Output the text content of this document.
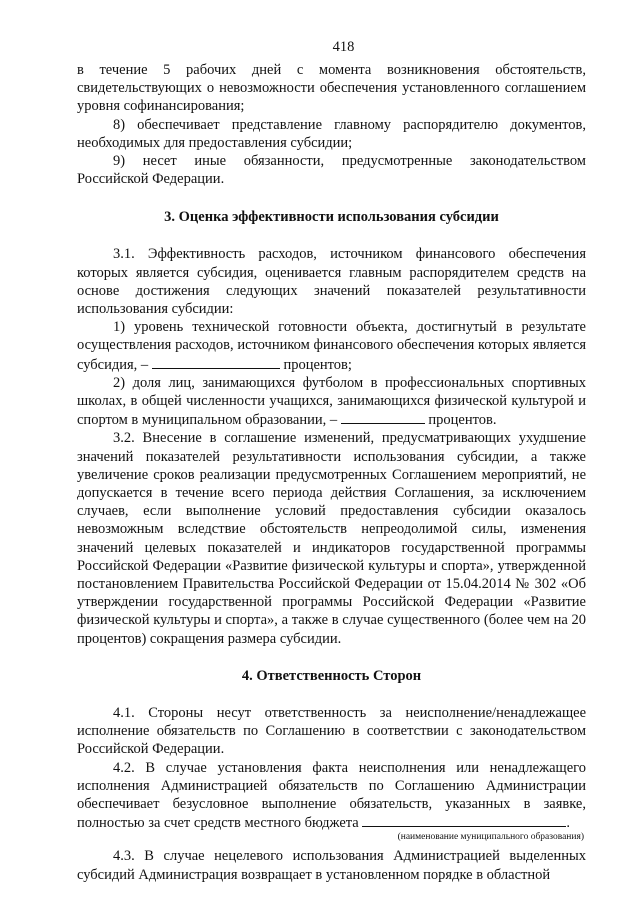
418

в течение 5 рабочих дней с момента возникновения обстоятельств, свидетельствующих о невозможности обеспечения установленного соглашением уровня софинансирования;

8) обеспечивает представление главному распорядителю документов, необходимых для предоставления субсидии;

9) несет иные обязанности, предусмотренные законодательством Российской Федерации.

3. Оценка эффективности использования субсидии

3.1. Эффективность расходов, источником финансового обеспечения которых является субсидия, оценивается главным распорядителем средств на основе достижения следующих значений показателей результативности использования субсидии:

1) уровень технической готовности объекта, достигнутый в результате осуществления расходов, источником финансового обеспечения которых является субсидия, –	процентов;

2) доля лиц, занимающихся футболом в профессиональных спортивных школах, в общей численности учащихся, занимающихся физической культурой и спортом в муниципальном образовании, –	процентов.

3.2. Внесение в соглашение изменений, предусматривающих ухудшение значений показателей результативности использования субсидии, а также увеличение сроков реализации предусмотренных Соглашением мероприятий, не допускается в течение всего периода действия Соглашения, за исключением случаев, если выполнение условий предоставления субсидии оказалось невозможным вследствие обстоятельств непреодолимой силы, изменения значений целевых показателей и индикаторов государственной программы Российской Федерации «Развитие физической культуры и спорта», утвержденной постановлением Правительства Российской Федерации от 15.04.2014 № 302 «Об утверждении государственной программы Российской Федерации «Развитие физической культуры и спорта», а также в случае существенного (более чем на 20 процентов) сокращения размера субсидии.

4. Ответственность Сторон

4.1. Стороны несут ответственность за неисполнение/ненадлежащее исполнение обязательств по Соглашению в соответствии с законодательством Российской Федерации.

4.2. В случае установления факта неисполнения или ненадлежащего исполнения Администрацией обязательств по Соглашению Администрации обеспечивает безусловное выполнение обязательств, указанных в заявке, полностью за счет средств местного бюджета	.

(наименование муниципального образования)

4.3. В случае нецелевого использования Администрацией выделенных субсидий Администрация возвращает в установленном порядке в областной
